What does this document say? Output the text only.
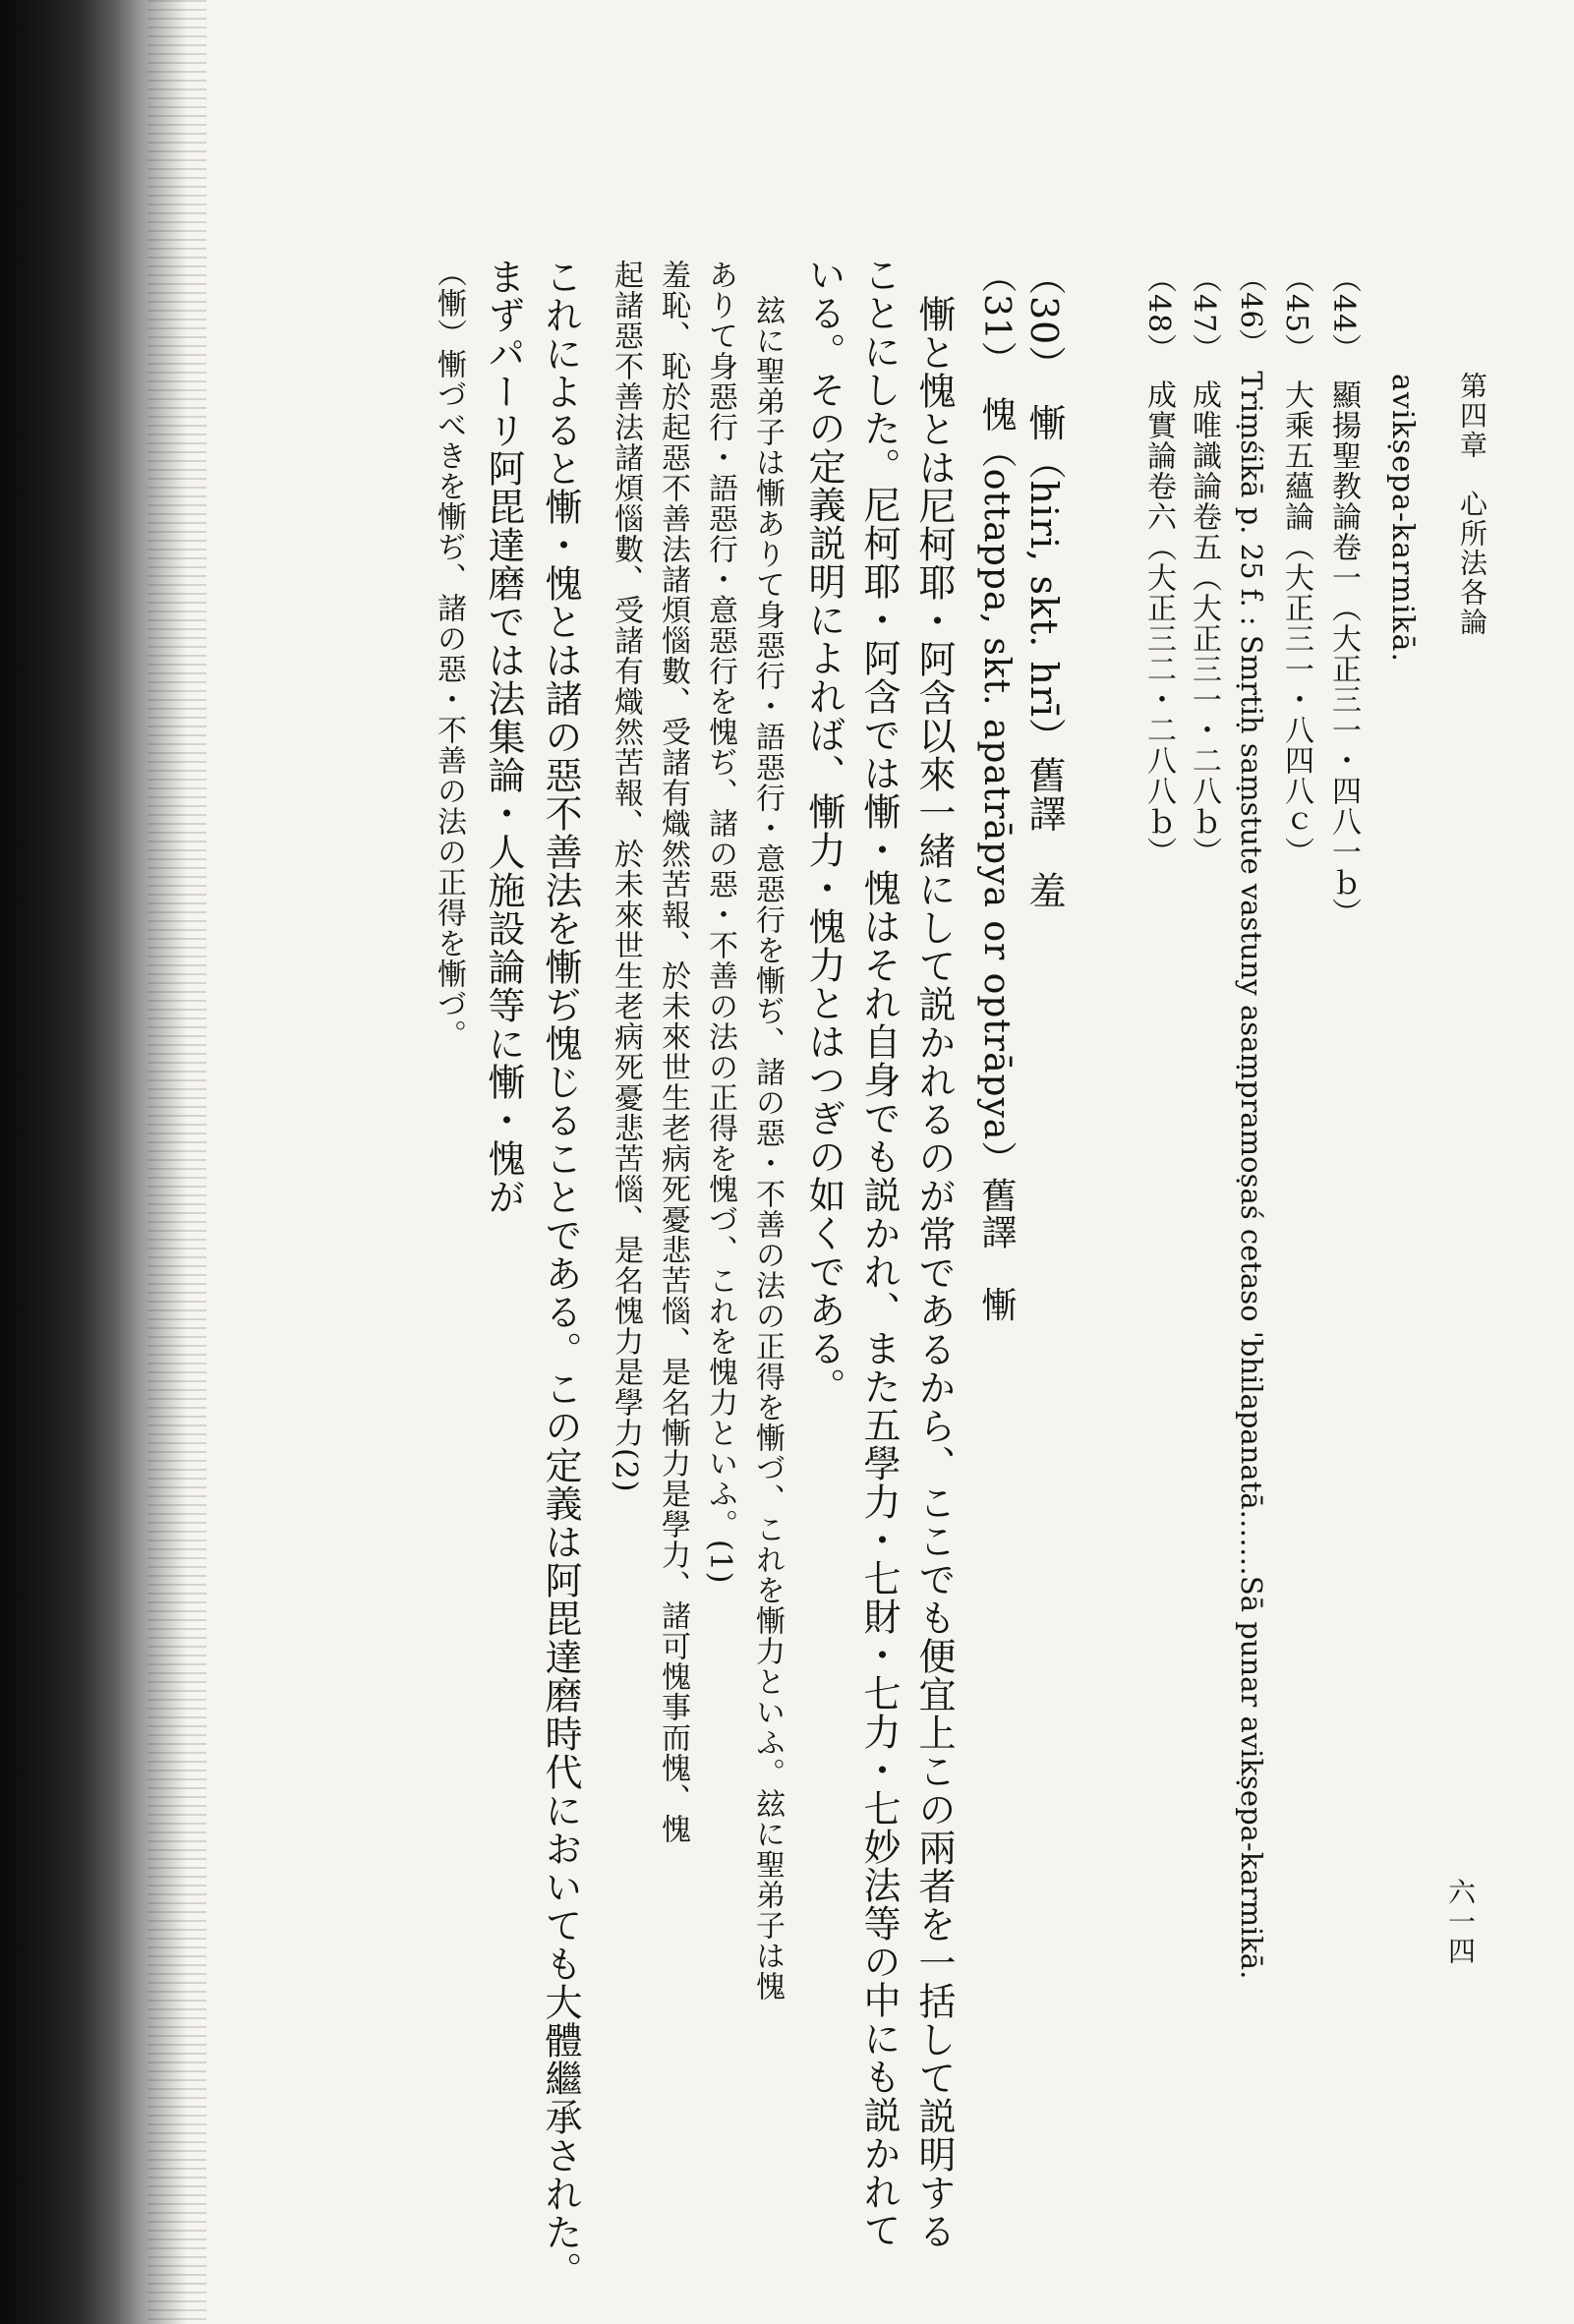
第四章　心所法各論
六一四
avikṣepa-karmikā.
（44）　顯揚聖教論卷一（大正三一・四八一ｂ）
（45）　大乘五蘊論（大正三一・八四八ｃ）
（46）　Triṃśikā p. 25 f. : Smṛtiḥ saṃstute vastuny asaṃpramoṣaś cetaso 'bhilapanatā.……Sā punar avikṣepa-karmikā.
（47）　成唯識論卷五（大正三一・二八ｂ）
（48）　成實論卷六（大正三二・二八八ｂ）
（30）　慚（hiri, skt. hrī）舊譯　羞
（31）　愧（ottappa, skt. apatrāpya or optrāpya）舊譯　慚
慚と愧とは尼柯耶・阿含以來一緒にして説かれるのが常であるから、ここでも便宜上この兩者を一括して説明する
ことにした。尼柯耶・阿含では慚・愧はそれ自身でも説かれ、また五學力・七財・七力・七妙法等の中にも説かれて
いる。その定義説明によれば、慚力・愧力とはつぎの如くである。
玆に聖弟子は慚ありて身惡行・語惡行・意惡行を慚ぢ、諸の惡・不善の法の正得を慚づ、これを慚力といふ。玆に聖弟子は愧
ありて身惡行・語惡行・意惡行を愧ぢ、諸の惡・不善の法の正得を愧づ、これを愧力といふ。(1)
羞恥、恥於起惡不善法諸煩惱數、受諸有熾然苦報、於未來世生老病死憂悲苦惱、是名慚力是學力、諸可愧事而愧、愧
起諸惡不善法諸煩惱數、受諸有熾然苦報、於未來世生老病死憂悲苦惱、是名愧力是學力(2)
これによると慚・愧とは諸の惡不善法を慚ぢ愧じることである。この定義は阿毘達磨時代においても大體繼承された。
まずパーリ阿毘達磨では法集論・人施設論等に慚・愧が
（慚）慚づべきを慚ぢ、諸の惡・不善の法の正得を慚づ。
